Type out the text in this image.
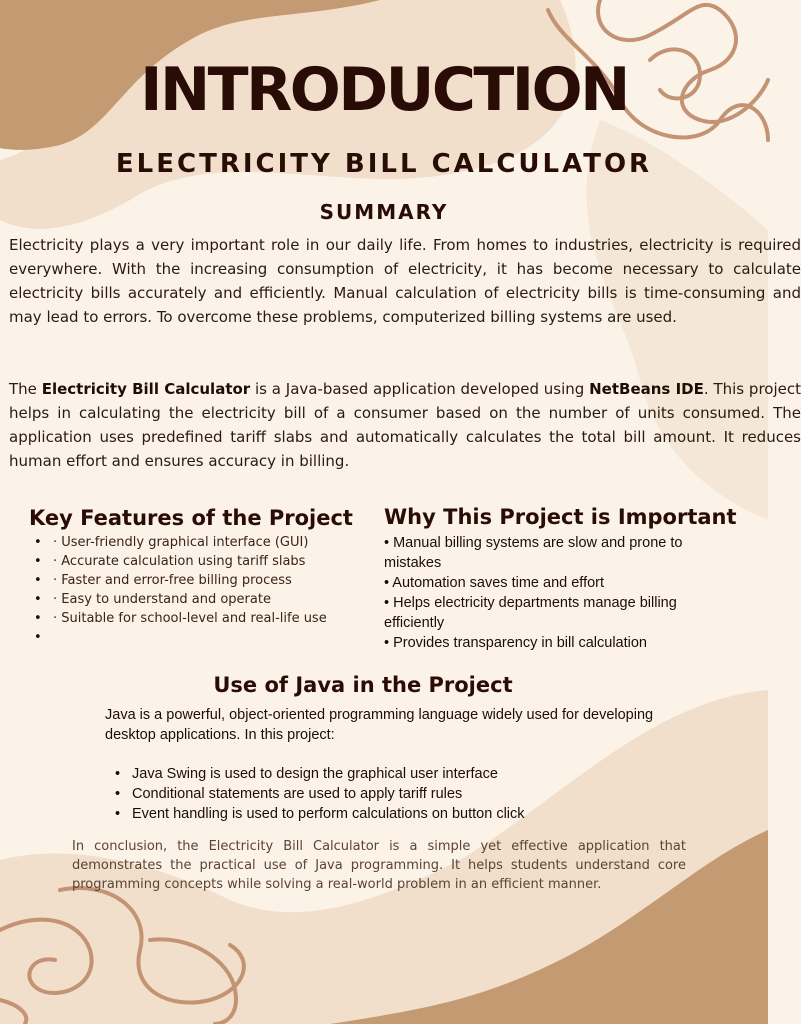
INTRODUCTION
ELECTRICITY BILL CALCULATOR
SUMMARY

Electricity plays a very important role in our daily life. From homes to industries, electricity is required everywhere. With the increasing consumption of electricity, it has become necessary to calculate electricity bills accurately and efficiently. Manual calculation of electricity bills is time-consuming and may lead to errors. To overcome these problems, computerized billing systems are used.

The Electricity Bill Calculator is a Java-based application developed using NetBeans IDE. This project helps in calculating the electricity bill of a consumer based on the number of units consumed. The application uses predefined tariff slabs and automatically calculates the total bill amount. It reduces human effort and ensures accuracy in billing.

Key Features of the Project
• · User-friendly graphical interface (GUI)
• · Accurate calculation using tariff slabs
• · Faster and error-free billing process
• · Easy to understand and operate
• · Suitable for school-level and real-life use
•
Why This Project is Important
• Manual billing systems are slow and prone to mistakes
• Automation saves time and effort
• Helps electricity departments manage billing efficiently
• Provides transparency in bill calculation
Use of Java in the Project
Java is a powerful, object-oriented programming language widely used for developing desktop applications. In this project:
• Java Swing is used to design the graphical user interface
• Conditional statements are used to apply tariff rules
• Event handling is used to perform calculations on button click
In conclusion, the Electricity Bill Calculator is a simple yet effective application that demonstrates the practical use of Java programming. It helps students understand core programming concepts while solving a real-world problem in an efficient manner.
